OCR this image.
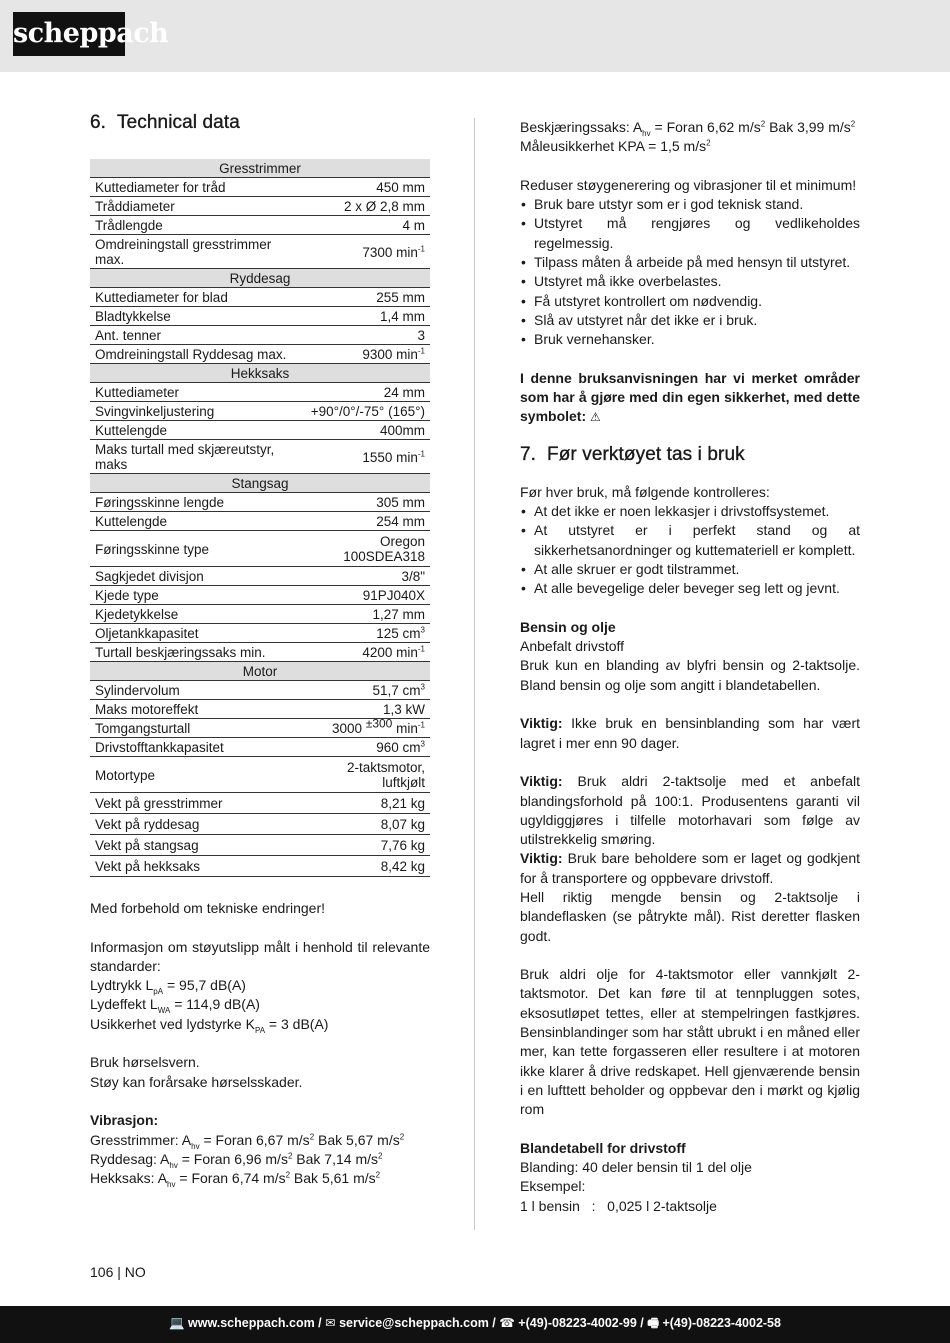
scheppach
6. Technical data
Gresstrimmer	
Kuttediameter for tråd	450 mm
Tråddiameter	2 x Ø 2,8 mm
Trådlengde	4 m
Omdreiningstall gresstrimmer max.	7300 $\min^{-1}$
Ryddesag	
Kuttediameter for blad	255 mm
Bladtykkelse	1,4 mm
Ant. tenner	3
Omdreiningstall Ryddesag max.	9300 $\min^{-1}$
Hekksaks	
Kuttediameter	24 mm
Svingvinkeljustering	+90°/0°/-75° (165°)
Kuttelengde	400mm
Maks turtall med skjæreutstyr, maks	1550 $\min^{-1}$
Stangsag	
Føringsskinne lengde	305 mm
Kuttelengde	254 mm
Føringsskinne type	Oregon 100SDEA318
Sagkjedet divisjon	3/8"
Kjede type	91PJ040X
Kjedetykkelse	1,27 mm
Oljetankkapasitet	125 $cm^3$
Turtall beskjæringssaks min.	4200 $\min^{-1}$
Motor	
Sylindervolum	51,7 $cm^3$
Maks motoreffekt	1,3 kW
Tomgangsturtall	3000 $^{\pm 300}$ $\min^{-1}$
Drivstofftankkapasitet	960 $cm^3$
Motortype	2-taktsmotor, luftkjølt
Vekt på gresstrimmer	8,21 kg
Vekt på ryddesag	8,07 kg
Vekt på stangsag	7,76 kg
Vekt på hekksaks	8,42 kg

Med forbehold om tekniske endringer!

Informasjon om støyutslipp målt i henhold til relevante standarder:

Lydtrykk $L_{pA} = 95,7$ dB(A)

Lydeffekt $L_{WA} = 114,9$ dB(A)

Usikkerhet ved lydstyrke $K_{PA} = 3$ dB(A)

Bruk hørselsvern.

Støy kan forårsake hørselsskader.

Vibrasjon:

Gresstrimmer: $A_{hv}$ = Foran 6,67 $m/s^2$ Bak 5,67 $m/s^2$

Ryddesag: $A_{hv}$ = Foran 6,96 $m/s^2$ Bak 7,14 $m/s^2$

Hekksaks: $A_{hv}$ = Foran 6,74 $m/s^2$ Bak 5,61 $m/s^2$

Beskjæringssaks: $A_{hv}$ = Foran 6,62 $m/s^2$ Bak 3,99 $m/s^2$

Måleusikkerhet KPA = 1,5 $m/s^2$

Reduser støygenerering og vibrasjoner til et minimum!

• Bruk bare utstyr som er i god teknisk stand.
• Utstyret må rengjøres og vedlikeholdes regelmessig.
• Tilpass måten å arbeide på med hensyn til utstyret.
• Utstyret må ikke overbelastes.
• Få utstyret kontrollert om nødvendig.
• Slå av utstyret når det ikke er i bruk.
• Bruk vernehansker.

I denne bruksanvisningen har vi merket områder som har å gjøre med din egen sikkerhet, med dette symbolet: ⚠

7. Før verktøyet tas i bruk

Før hver bruk, må følgende kontrolleres:

• At det ikke er noen lekkasjer i drivstoffsystemet.
• At utstyret er i perfekt stand og at sikkerhetsanordninger og kuttemateriell er komplett.
• At alle skruer er godt tilstrammet.
• At alle bevegelige deler beveger seg lett og jevnt.

Bensin og olje

Anbefalt drivstoff

Bruk kun en blanding av blyfri bensin og 2-taktsolje. Bland bensin og olje som angitt i blandetabellen.

Viktig: Ikke bruk en bensinblanding som har vært lagret i mer enn 90 dager.

Viktig: Bruk aldri 2-taktsolje med et anbefalt blandingsforhold på 100:1. Produsentens garanti vil ugyldiggjøres i tilfelle motorhavari som følge av utilstrekkelig smøring.

Viktig: Bruk bare beholdere som er laget og godkjent for å transportere og oppbevare drivstoff.

Hell riktig mengde bensin og 2-taktsolje i blandeflasken (se påtrykte mål). Rist deretter flasken godt.

Bruk aldri olje for 4-taktsmotor eller vannkjølt 2-taktsmotor. Det kan føre til at tennpluggen sotes, eksosutløpet tettes, eller at stempelringen fastkjøres. Bensinblandinger som har stått ubrukt i en måned eller mer, kan tette forgasseren eller resultere i at motoren ikke klarer å drive redskapet. Hell gjenværende bensin i en lufttett beholder og oppbevar den i mørkt og kjølig rom

Blandetabell for drivstoff

Blanding: 40 deler bensin til 1 del olje

Eksempel:

1 l bensin   :   0,025 l 2-taktsolje

106 | NO
💻 www.scheppach.com / ✉ service@scheppach.com / ☎ +(49)-08223-4002-99 / 🖷 +(49)-08223-4002-58
